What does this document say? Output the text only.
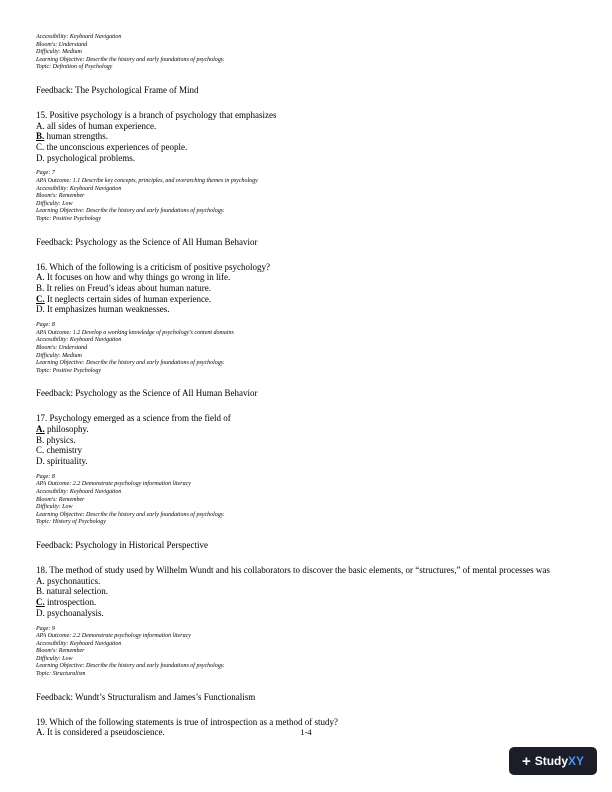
Accessibility: Keyboard Navigation
Bloom's: Understand
Difficulty: Medium
Learning Objective: Describe the history and early foundations of psychology.
Topic: Definition of Psychology
Feedback: The Psychological Frame of Mind
15. Positive psychology is a branch of psychology that emphasizes
A. all sides of human experience.
B. human strengths.
C. the unconscious experiences of people.
D. psychological problems.
Page: 7
APA Outcome: 1.1 Describe key concepts, principles, and overarching themes in psychology
Accessibility: Keyboard Navigation
Bloom's: Remember
Difficulty: Low
Learning Objective: Describe the history and early foundations of psychology.
Topic: Positive Psychology
Feedback: Psychology as the Science of All Human Behavior
16. Which of the following is a criticism of positive psychology?
A. It focuses on how and why things go wrong in life.
B. It relies on Freud’s ideas about human nature.
C. It neglects certain sides of human experience.
D. It emphasizes human weaknesses.
Page: 8
APA Outcome: 1.2 Develop a working knowledge of psychology's content domains
Accessibility: Keyboard Navigation
Bloom's: Understand
Difficulty: Medium
Learning Objective: Describe the history and early foundations of psychology.
Topic: Positive Psychology
Feedback: Psychology as the Science of All Human Behavior
17. Psychology emerged as a science from the field of
A. philosophy.
B. physics.
C. chemistry
D. spirituality.
Page: 8
APA Outcome: 2.2 Demonstrate psychology information literacy
Accessibility: Keyboard Navigation
Bloom's: Remember
Difficulty: Low
Learning Objective: Describe the history and early foundations of psychology.
Topic: History of Psychology
Feedback: Psychology in Historical Perspective
18. The method of study used by Wilhelm Wundt and his collaborators to discover the basic elements, or “structures,” of mental processes was
A. psychonautics.
B. natural selection.
C. introspection.
D. psychoanalysis.
Page: 9
APA Outcome: 2.2 Demonstrate psychology information literacy
Accessibility: Keyboard Navigation
Bloom's: Remember
Difficulty: Low
Learning Objective: Describe the history and early foundations of psychology.
Topic: Structuralism
Feedback: Wundt’s Structuralism and James’s Functionalism
19. Which of the following statements is true of introspection as a method of study?
A. It is considered a pseudoscience.	1-4
+ StudyXY
